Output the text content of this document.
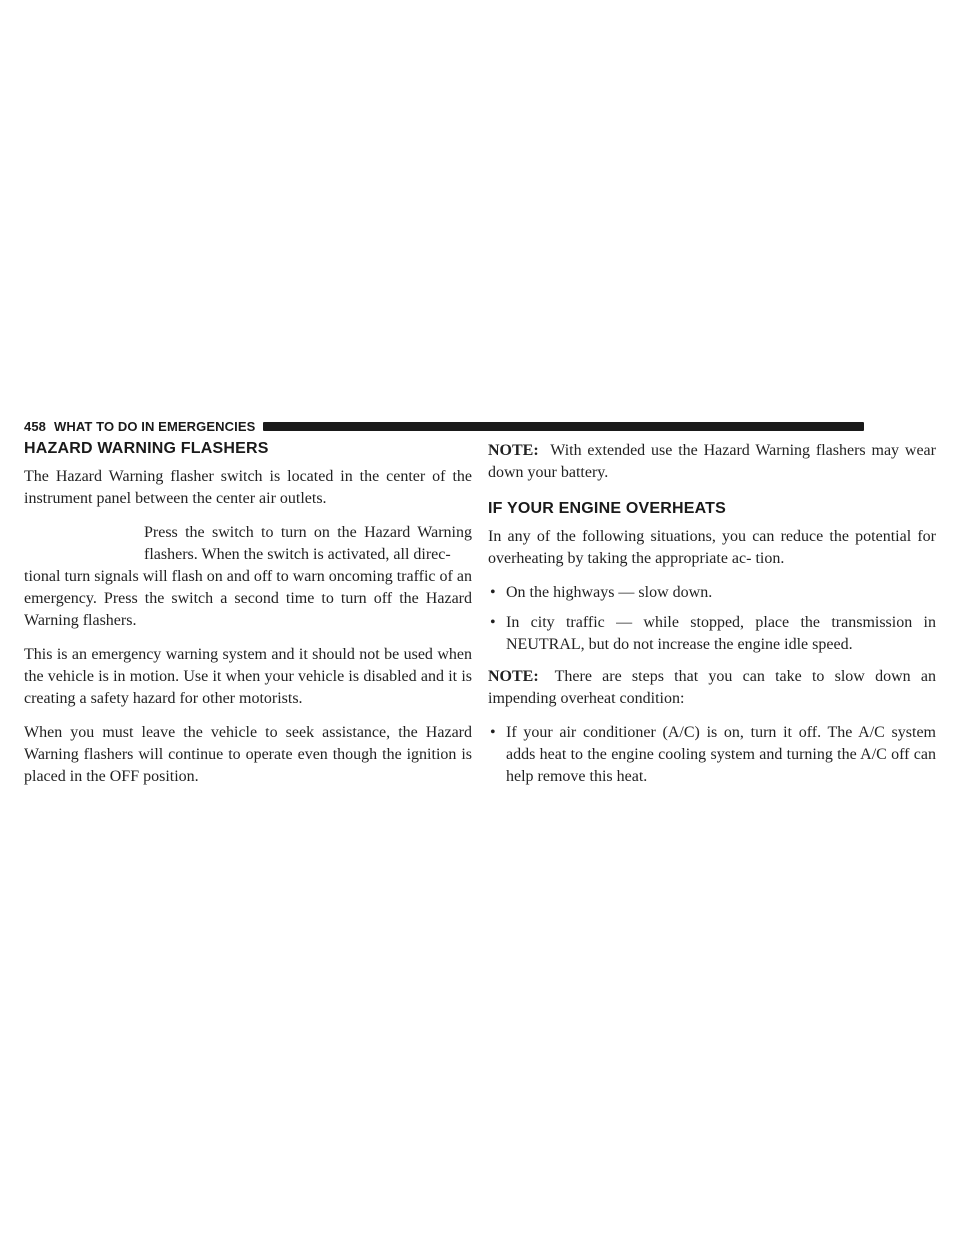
458 WHAT TO DO IN EMERGENCIES
HAZARD WARNING FLASHERS

The Hazard Warning flasher switch is located in the center of the instrument panel between the center air outlets.

Press the switch to turn on the Hazard Warning flashers. When the switch is activated, all direc-
tional turn signals will flash on and off to warn oncoming traffic of an emergency. Press the switch a second time to turn off the Hazard Warning flashers.

This is an emergency warning system and it should not be used when the vehicle is in motion. Use it when your vehicle is disabled and it is creating a safety hazard for other motorists.

When you must leave the vehicle to seek assistance, the Hazard Warning flashers will continue to operate even though the ignition is placed in the OFF position.

NOTE: With extended use the Hazard Warning flashers may wear down your battery.

IF YOUR ENGINE OVERHEATS

In any of the following situations, you can reduce the potential for overheating by taking the appropriate ac- tion.

• On the highways — slow down.
• In city traffic — while stopped, place the transmission in NEUTRAL, but do not increase the engine idle speed.

NOTE: There are steps that you can take to slow down an impending overheat condition:

• If your air conditioner (A/C) is on, turn it off. The A/C system adds heat to the engine cooling system and turning the A/C off can help remove this heat.
